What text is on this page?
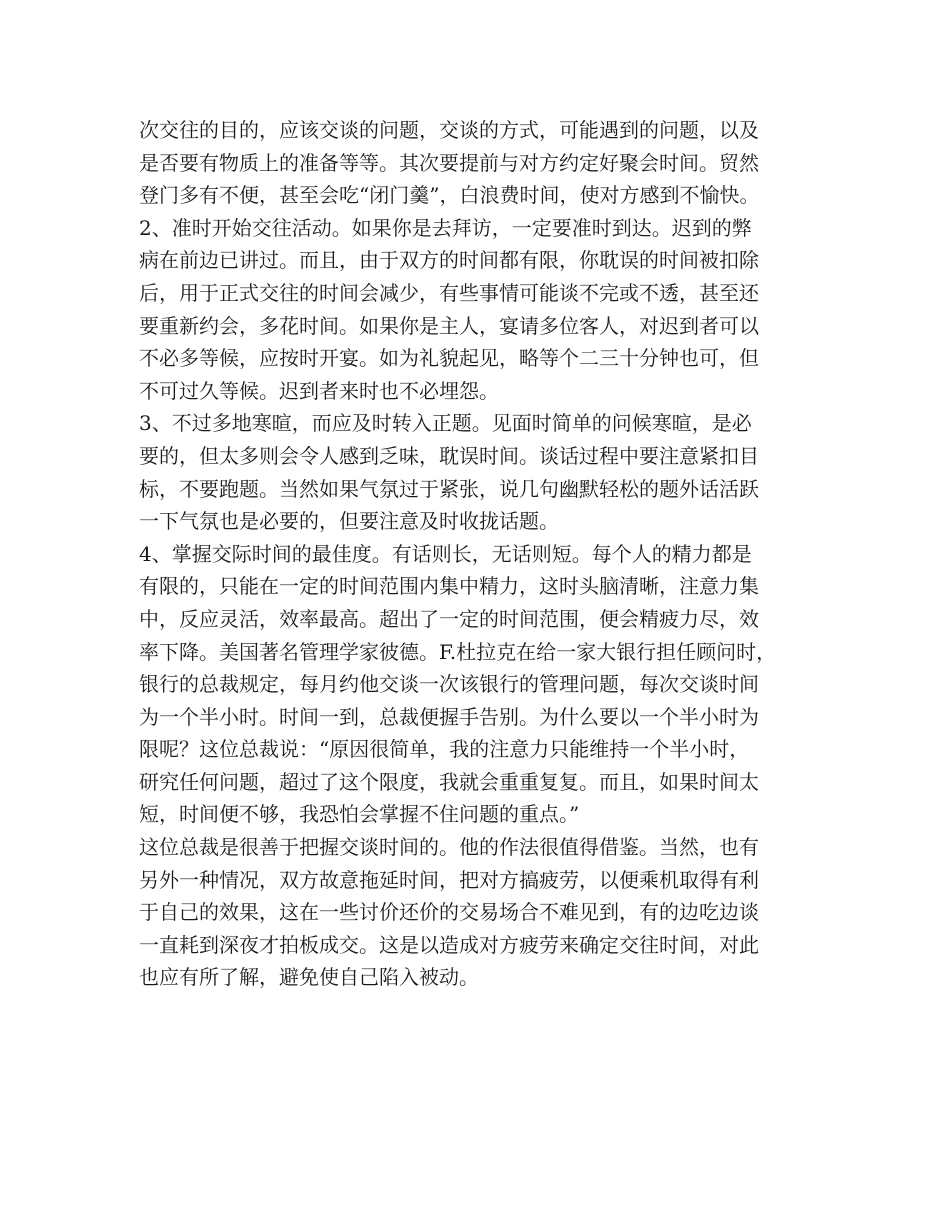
次交往的目的，应该交谈的问题，交谈的方式，可能遇到的问题，以及
是否要有物质上的准备等等。其次要提前与对方约定好聚会时间。贸然
登门多有不便，甚至会吃“闭门羹”，白浪费时间，使对方感到不愉快。
2、准时开始交往活动。如果你是去拜访，一定要准时到达。迟到的弊
病在前边已讲过。而且，由于双方的时间都有限，你耽误的时间被扣除
后，用于正式交往的时间会减少，有些事情可能谈不完或不透，甚至还
要重新约会，多花时间。如果你是主人，宴请多位客人，对迟到者可以
不必多等候，应按时开宴。如为礼貌起见，略等个二三十分钟也可，但
不可过久等候。迟到者来时也不必埋怨。
3、不过多地寒暄，而应及时转入正题。见面时简单的问候寒暄，是必
要的，但太多则会令人感到乏味，耽误时间。谈话过程中要注意紧扣目
标，不要跑题。当然如果气氛过于紧张，说几句幽默轻松的题外话活跃
一下气氛也是必要的，但要注意及时收拢话题。
4、掌握交际时间的最佳度。有话则长，无话则短。每个人的精力都是
有限的，只能在一定的时间范围内集中精力，这时头脑清晰，注意力集
中，反应灵活，效率最高。超出了一定的时间范围，便会精疲力尽，效
率下降。美国著名管理学家彼德。F.杜拉克在给一家大银行担任顾问时，
银行的总裁规定，每月约他交谈一次该银行的管理问题，每次交谈时间
为一个半小时。时间一到，总裁便握手告别。为什么要以一个半小时为
限呢？这位总裁说：“原因很简单，我的注意力只能维持一个半小时，
研究任何问题，超过了这个限度，我就会重重复复。而且，如果时间太
短，时间便不够，我恐怕会掌握不住问题的重点。”
这位总裁是很善于把握交谈时间的。他的作法很值得借鉴。当然，也有
另外一种情况，双方故意拖延时间，把对方搞疲劳，以便乘机取得有利
于自己的效果，这在一些讨价还价的交易场合不难见到，有的边吃边谈
一直耗到深夜才拍板成交。这是以造成对方疲劳来确定交往时间，对此
也应有所了解，避免使自己陷入被动。
